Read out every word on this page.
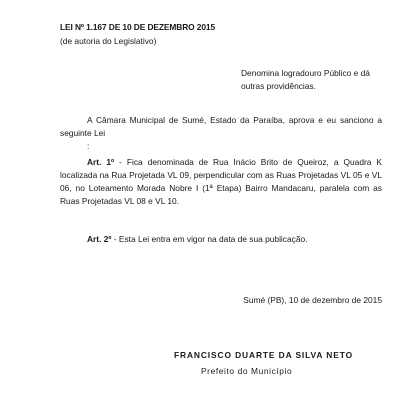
LEI Nº 1.167 DE 10 DE DEZEMBRO 2015

(de autoria do Legislativo)

Denomina logradouro Público e dá
outras providências.

A Câmara Municipal de Sumé, Estado da Paraíba, aprova e eu sanciono a seguinte Lei

:

Art. 1º - Fica denominada de Rua Inácio Brito de Queiroz, a Quadra K localizada na Rua Projetada VL 09, perpendicular com as Ruas Projetadas VL 05 e VL 06, no Loteamento Morada Nobre I (1ª Etapa) Bairro Mandacaru, paralela com as Ruas Projetadas VL 08 e VL 10.

Art. 2º - Esta Lei entra em vigor na data de sua publicação.

Sumé (PB), 10 de dezembro de 2015

FRANCISCO DUARTE DA SILVA NETO

Prefeito do Município
